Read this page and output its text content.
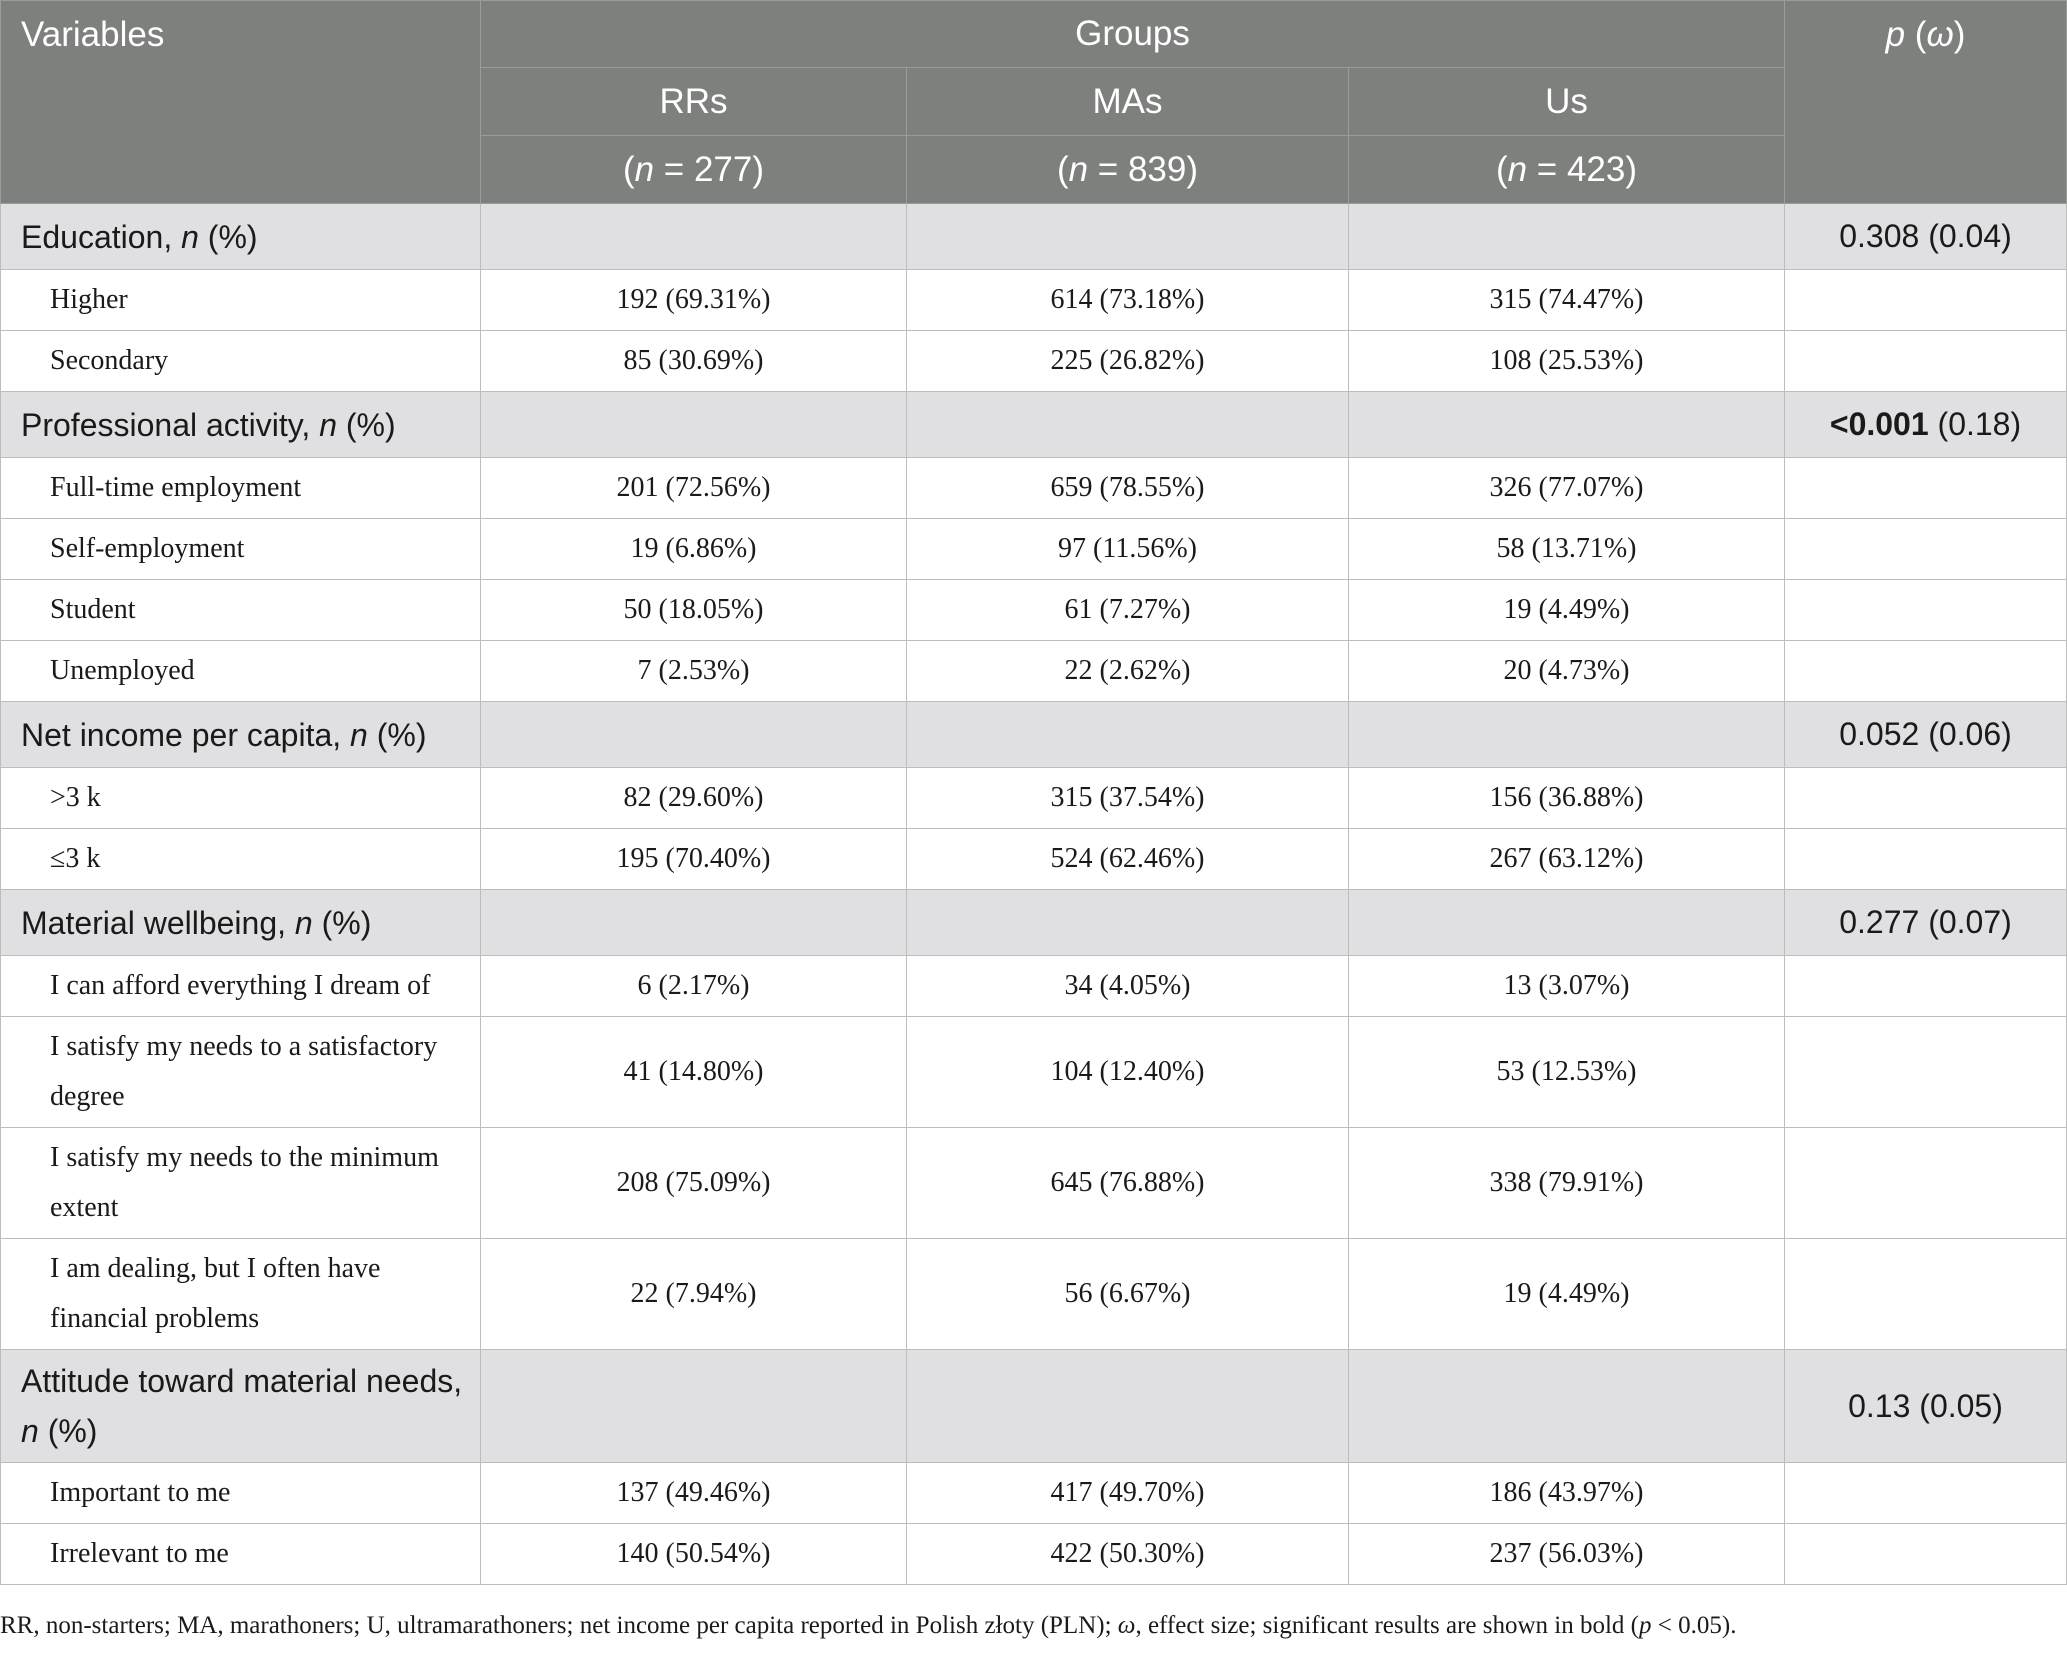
Variables	Groups			p (ω)
	RRs	MAs	Us	
	(n = 277)	(n = 839)	(n = 423)	
Education, n (%)				0.308 (0.04)
Higher	192 (69.31%)	614 (73.18%)	315 (74.47%)	
Secondary	85 (30.69%)	225 (26.82%)	108 (25.53%)	
Professional activity, n (%)				<0.001 (0.18)
Full-time employment	201 (72.56%)	659 (78.55%)	326 (77.07%)	
Self-employment	19 (6.86%)	97 (11.56%)	58 (13.71%)	
Student	50 (18.05%)	61 (7.27%)	19 (4.49%)	
Unemployed	7 (2.53%)	22 (2.62%)	20 (4.73%)	
Net income per capita, n (%)				0.052 (0.06)
>3 k	82 (29.60%)	315 (37.54%)	156 (36.88%)	
≤3 k	195 (70.40%)	524 (62.46%)	267 (63.12%)	
Material wellbeing, n (%)				0.277 (0.07)
I can afford everything I dream of	6 (2.17%)	34 (4.05%)	13 (3.07%)	
I satisfy my needs to a satisfactory degree	41 (14.80%)	104 (12.40%)	53 (12.53%)	
I satisfy my needs to the minimum extent	208 (75.09%)	645 (76.88%)	338 (79.91%)	
I am dealing, but I often have financial problems	22 (7.94%)	56 (6.67%)	19 (4.49%)	
Attitude toward material needs, n (%)				0.13 (0.05)
Important to me	137 (49.46%)	417 (49.70%)	186 (43.97%)	
Irrelevant to me	140 (50.54%)	422 (50.30%)	237 (56.03%)	
RR, non-starters; MA, marathoners; U, ultramarathoners; net income per capita reported in Polish złoty (PLN); ω, effect size; significant results are shown in bold (p < 0.05).
